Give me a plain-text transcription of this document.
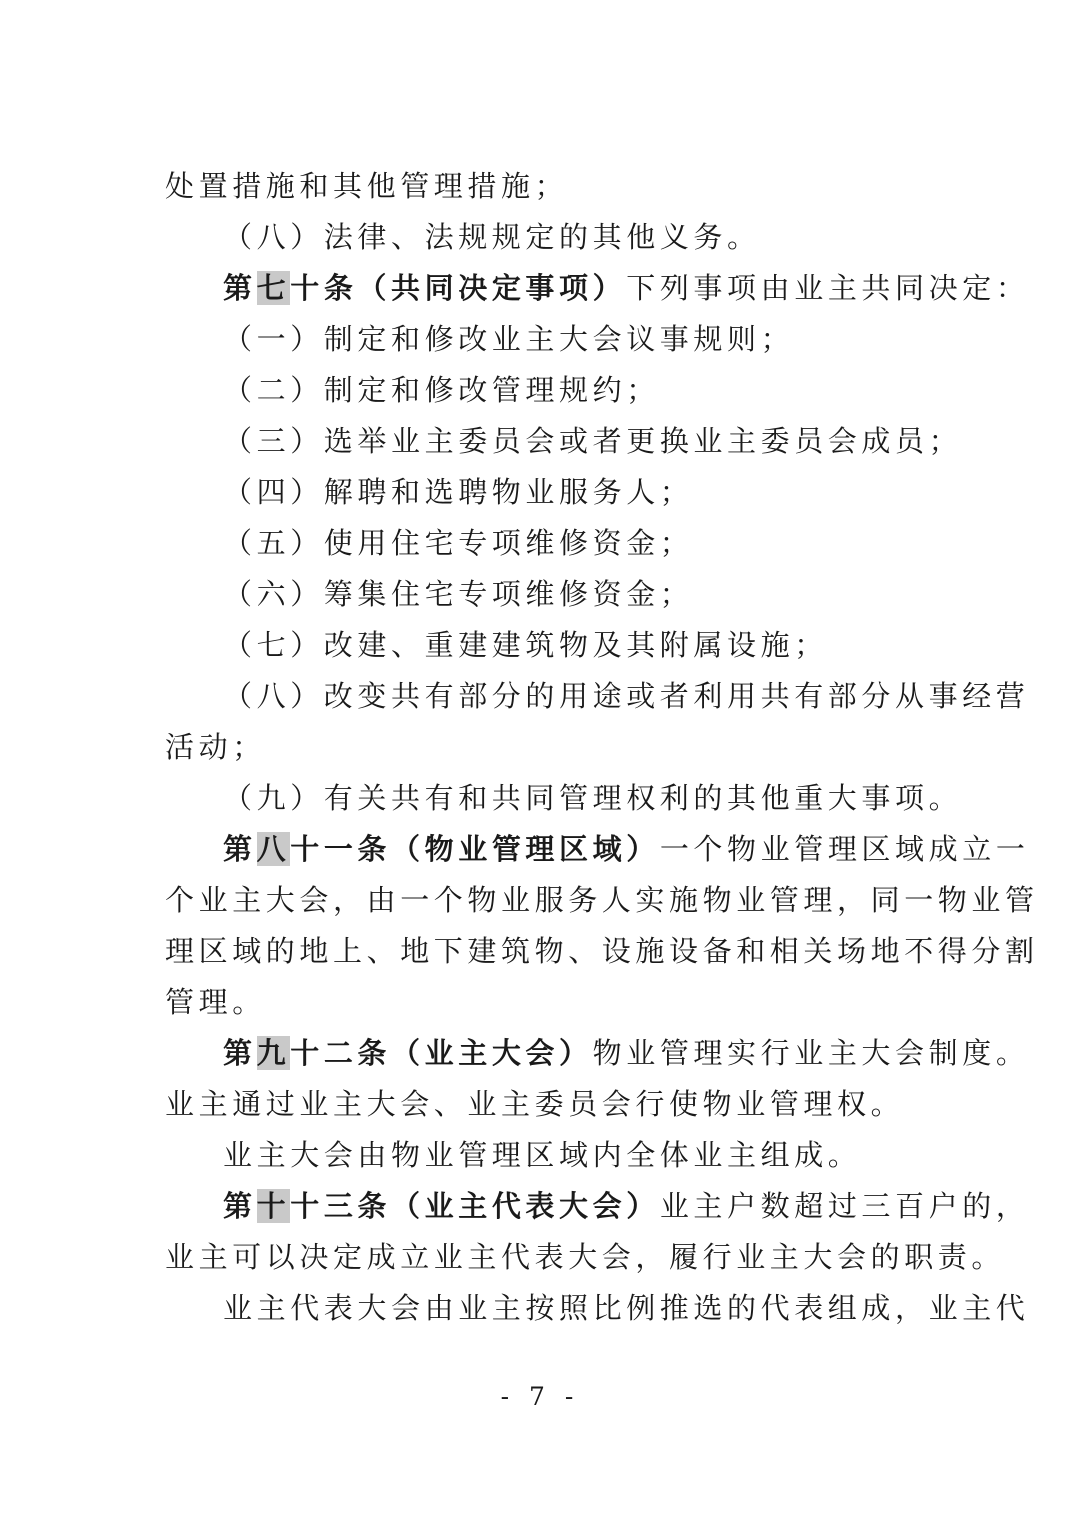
处置措施和其他管理措施；
（八）法律、法规规定的其他义务。
第七十条（共同决定事项）下列事项由业主共同决定：
（一）制定和修改业主大会议事规则；
（二）制定和修改管理规约；
（三）选举业主委员会或者更换业主委员会成员；
（四）解聘和选聘物业服务人；
（五）使用住宅专项维修资金；
（六）筹集住宅专项维修资金；
（七）改建、重建建筑物及其附属设施；
（八）改变共有部分的用途或者利用共有部分从事经营
活动；
（九）有关共有和共同管理权利的其他重大事项。
第八十一条（物业管理区域）一个物业管理区域成立一
个业主大会，由一个物业服务人实施物业管理，同一物业管
理区域的地上、地下建筑物、设施设备和相关场地不得分割
管理。
第九十二条（业主大会）物业管理实行业主大会制度。
业主通过业主大会、业主委员会行使物业管理权。
业主大会由物业管理区域内全体业主组成。
第十十三条（业主代表大会）业主户数超过三百户的，
业主可以决定成立业主代表大会，履行业主大会的职责。
业主代表大会由业主按照比例推选的代表组成，业主代
- 7 -
